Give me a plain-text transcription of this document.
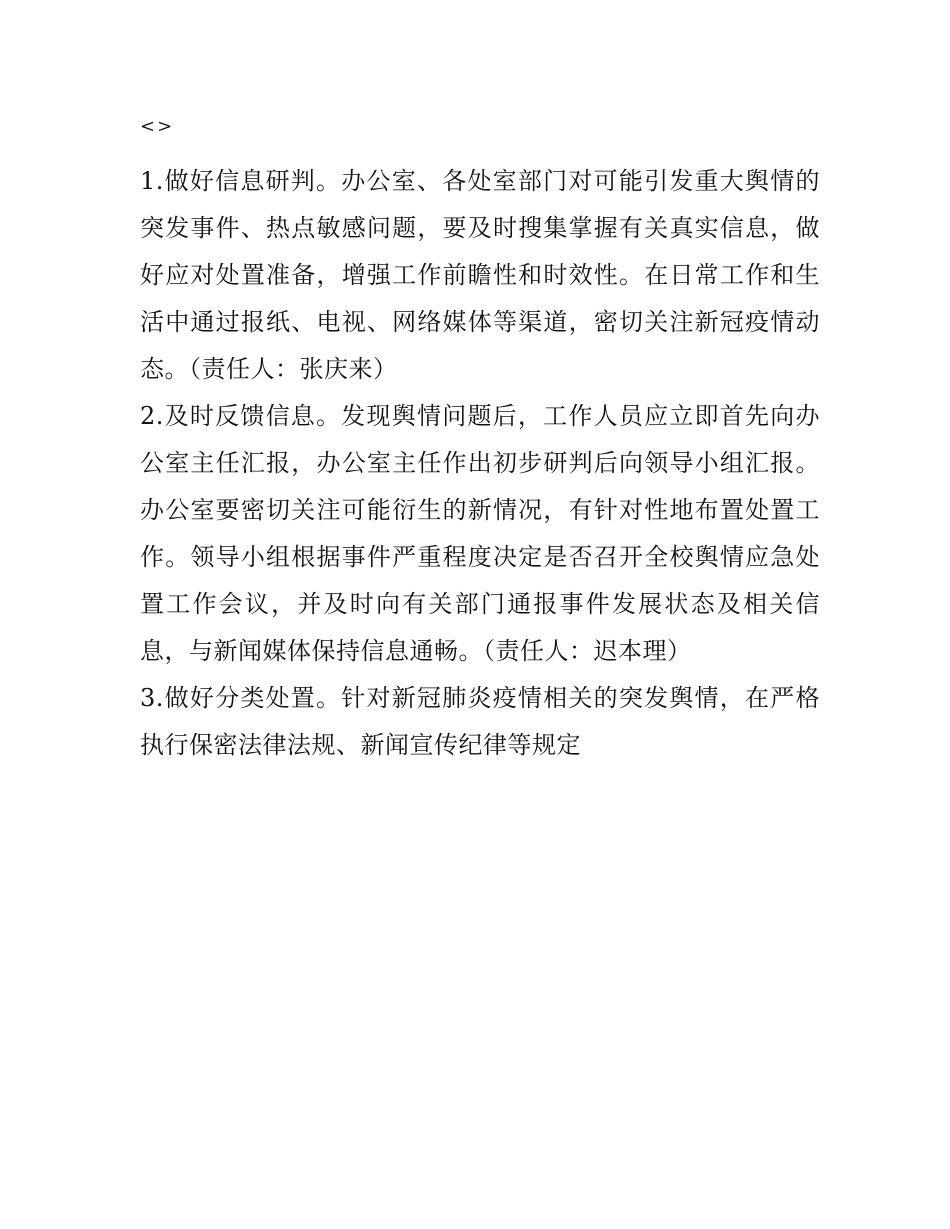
<>

1.做好信息研判。办公室、各处室部门对可能引发重大舆情的突发事件、热点敏感问题，要及时搜集掌握有关真实信息，做好应对处置准备，增强工作前瞻性和时效性。在日常工作和生活中通过报纸、电视、网络媒体等渠道，密切关注新冠疫情动态。（责任人：张庆来）

2.及时反馈信息。发现舆情问题后，工作人员应立即首先向办公室主任汇报，办公室主任作出初步研判后向领导小组汇报。办公室要密切关注可能衍生的新情况，有针对性地布置处置工作。领导小组根据事件严重程度决定是否召开全校舆情应急处置工作会议，并及时向有关部门通报事件发展状态及相关信息，与新闻媒体保持信息通畅。（责任人：迟本理）

3.做好分类处置。针对新冠肺炎疫情相关的突发舆情，在严格执行保密法律法规、新闻宣传纪律等规定
